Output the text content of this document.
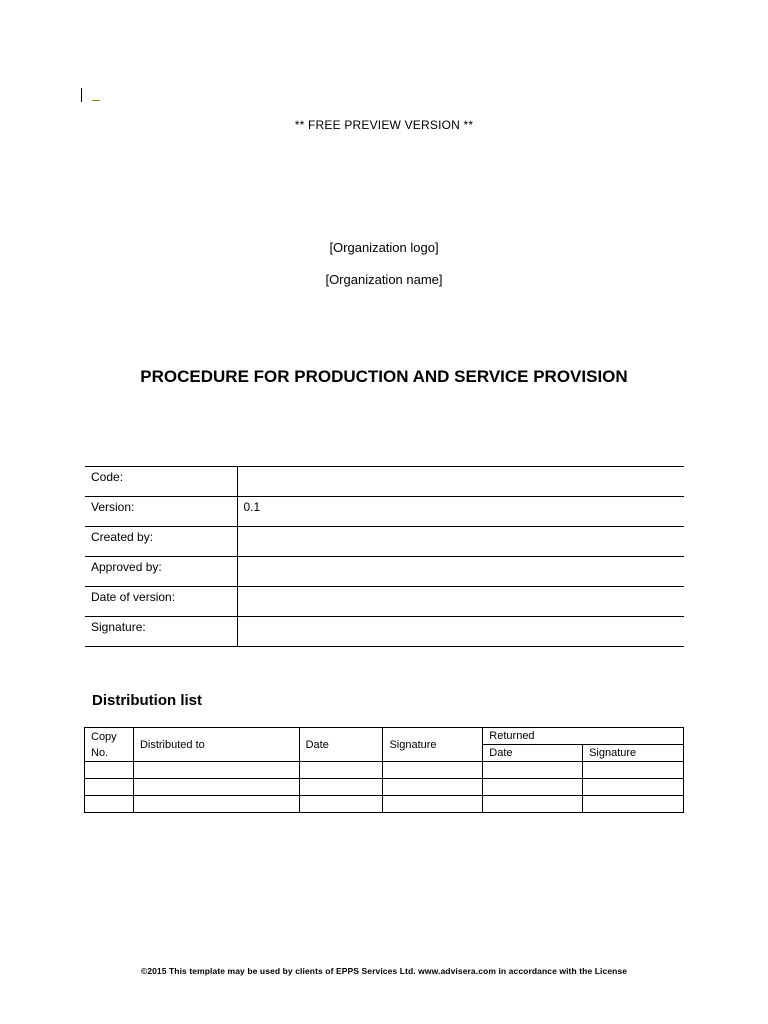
** FREE PREVIEW VERSION **
[Organization logo]
[Organization name]
PROCEDURE FOR PRODUCTION AND SERVICE PROVISION
Code:	
Version:	0.1
Created by:	
Approved by:	
Date of version:	
Signature:	
Distribution list
Copy No.	Distributed to	Date	Signature	Returned	
				Date	Signature

©2015 This template may be used by clients of EPPS Services Ltd. www.advisera.com in accordance with the License
